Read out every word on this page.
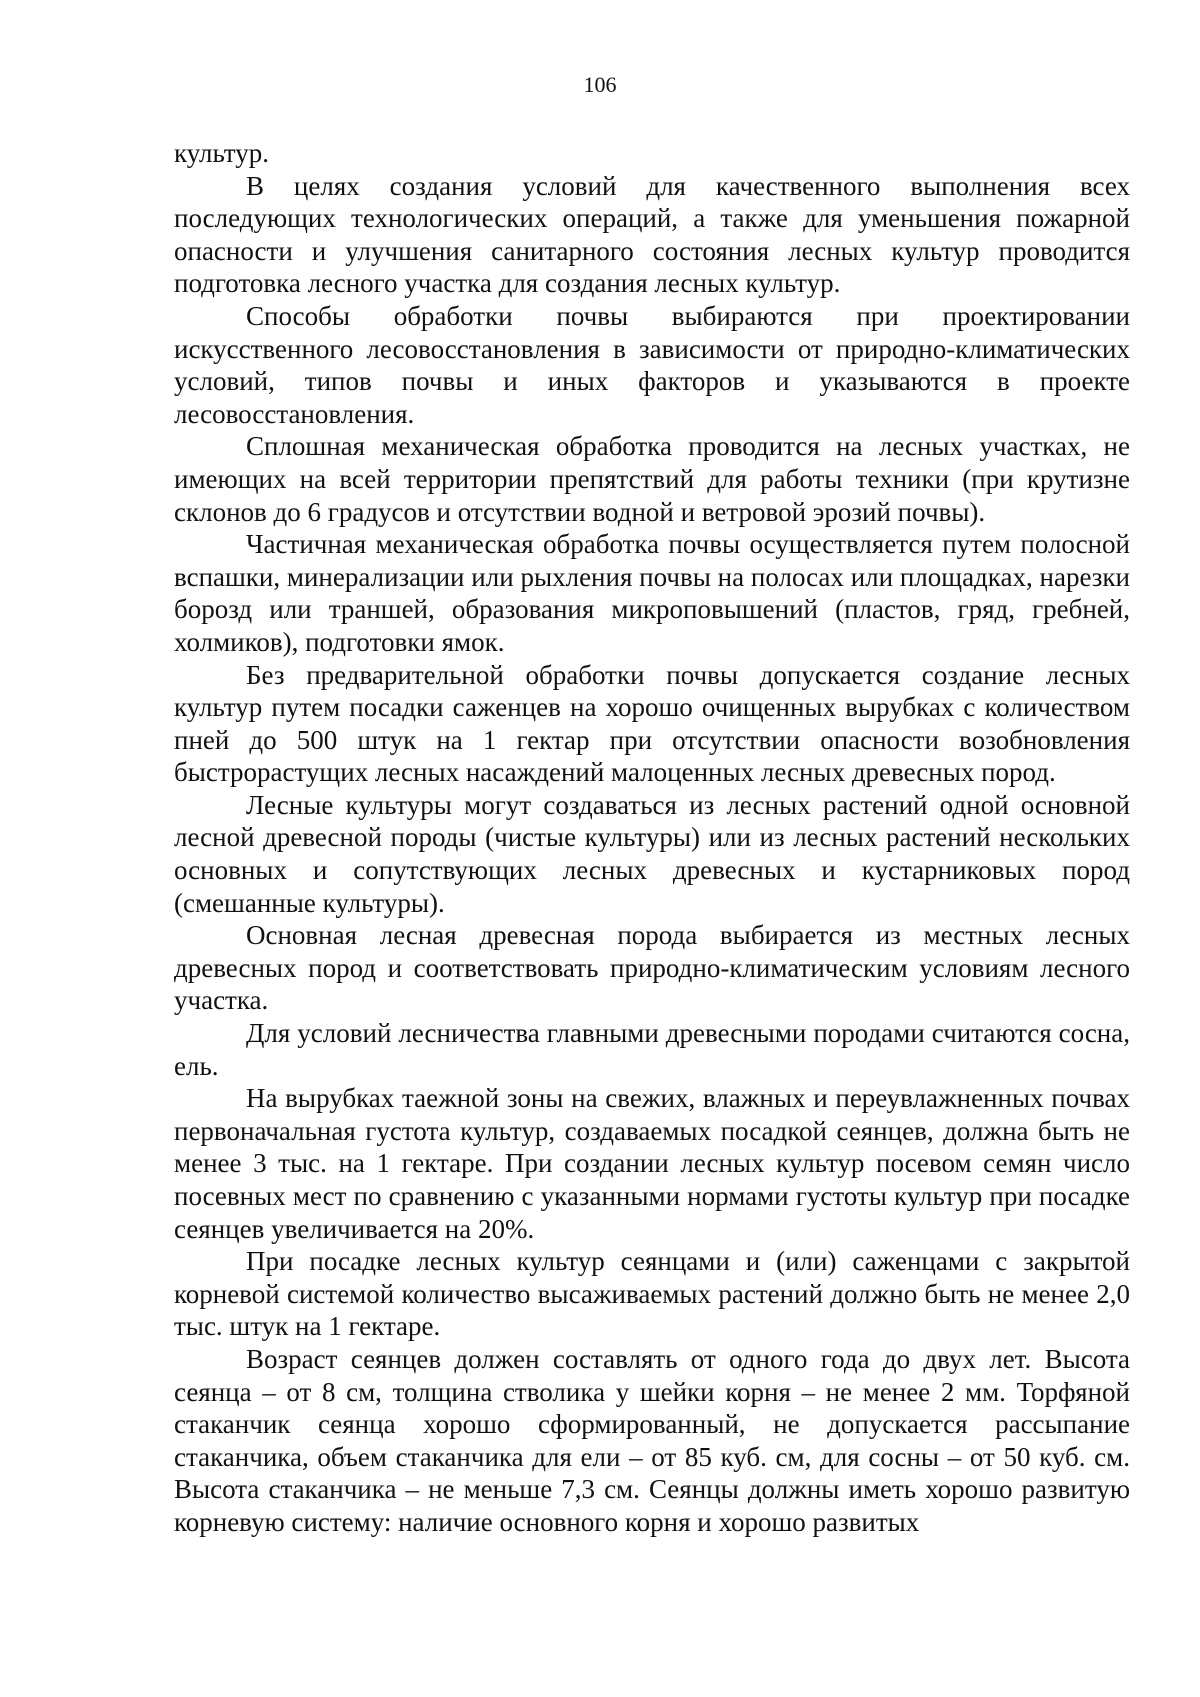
106

культур.

В целях создания условий для качественного выполнения всех последующих технологических операций, а также для уменьшения пожарной опасности и улучшения санитарного состояния лесных культур проводится подготовка лесного участка для создания лесных культур.

Способы обработки почвы выбираются при проектировании искусственного лесовосстановления в зависимости от природно-климатических условий, типов почвы и иных факторов и указываются в проекте лесовосстановления.

Сплошная механическая обработка проводится на лесных участках, не имеющих на всей территории препятствий для работы техники (при крутизне склонов до 6 градусов и отсутствии водной и ветровой эрозий почвы).

Частичная механическая обработка почвы осуществляется путем полосной вспашки, минерализации или рыхления почвы на полосах или площадках, нарезки борозд или траншей, образования микроповышений (пластов, гряд, гребней, холмиков), подготовки ямок.

Без предварительной обработки почвы допускается создание лесных культур путем посадки саженцев на хорошо очищенных вырубках с количеством пней до 500 штук на 1 гектар при отсутствии опасности возобновления быстрорастущих лесных насаждений малоценных лесных древесных пород.

Лесные культуры могут создаваться из лесных растений одной основной лесной древесной породы (чистые культуры) или из лесных растений нескольких основных и сопутствующих лесных древесных и кустарниковых пород (смешанные культуры).

Основная лесная древесная порода выбирается из местных лесных древесных пород и соответствовать природно-климатическим условиям лесного участка.

Для условий лесничества главными древесными породами считаются сосна, ель.

На вырубках таежной зоны на свежих, влажных и переувлажненных почвах первоначальная густота культур, создаваемых посадкой сеянцев, должна быть не менее 3 тыс. на 1 гектаре. При создании лесных культур посевом семян число посевных мест по сравнению с указанными нормами густоты культур при посадке сеянцев увеличивается на 20%.

При посадке лесных культур сеянцами и (или) саженцами с закрытой корневой системой количество высаживаемых растений должно быть не менее 2,0 тыс. штук на 1 гектаре.

Возраст сеянцев должен составлять от одного года до двух лет. Высота сеянца – от 8 см, толщина стволика у шейки корня – не менее 2 мм. Торфяной стаканчик сеянца хорошо сформированный, не допускается рассыпание стаканчика, объем стаканчика для ели – от 85 куб. см, для сосны – от 50 куб. см. Высота стаканчика – не меньше 7,3 см. Сеянцы должны иметь хорошо развитую корневую систему: наличие основного корня и хорошо развитых
